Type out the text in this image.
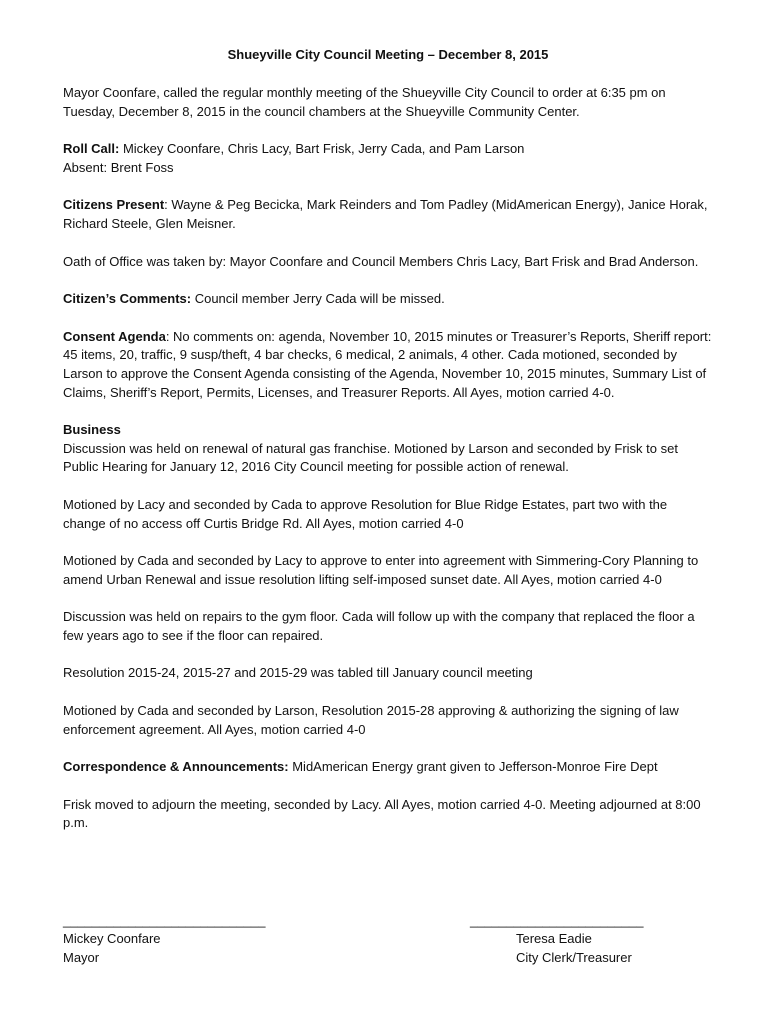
Shueyville City Council Meeting – December 8, 2015

Mayor Coonfare, called the regular monthly meeting of the Shueyville City Council to order at 6:35 pm on Tuesday, December 8, 2015 in the council chambers at the Shueyville Community Center.

Roll Call: Mickey Coonfare, Chris Lacy, Bart Frisk, Jerry Cada, and Pam Larson
Absent: Brent Foss

Citizens Present: Wayne & Peg Becicka, Mark Reinders and Tom Padley (MidAmerican Energy), Janice Horak, Richard Steele, Glen Meisner.

Oath of Office was taken by: Mayor Coonfare and Council Members Chris Lacy, Bart Frisk and Brad Anderson.

Citizen’s Comments: Council member Jerry Cada will be missed.

Consent Agenda: No comments on: agenda, November 10, 2015 minutes or Treasurer’s Reports, Sheriff report: 45 items, 20, traffic, 9 susp/theft, 4 bar checks, 6 medical, 2 animals, 4 other. Cada motioned, seconded by Larson to approve the Consent Agenda consisting of the Agenda, November 10, 2015 minutes, Summary List of Claims, Sheriff’s Report, Permits, Licenses, and Treasurer Reports. All Ayes, motion carried 4-0.

Business
Discussion was held on renewal of natural gas franchise. Motioned by Larson and seconded by Frisk to set Public Hearing for January 12, 2016 City Council meeting for possible action of renewal.

Motioned by Lacy and seconded by Cada to approve Resolution for Blue Ridge Estates, part two with the change of no access off Curtis Bridge Rd. All Ayes, motion carried 4-0

Motioned by Cada and seconded by Lacy to approve to enter into agreement with Simmering-Cory Planning to amend Urban Renewal and issue resolution lifting self-imposed sunset date. All Ayes, motion carried 4-0

Discussion was held on repairs to the gym floor. Cada will follow up with the company that replaced the floor a few years ago to see if the floor can repaired.

Resolution 2015-24, 2015-27 and 2015-29 was tabled till January council meeting

Motioned by Cada and seconded by Larson, Resolution 2015-28 approving & authorizing the signing of law enforcement agreement. All Ayes, motion carried 4-0

Correspondence & Announcements: MidAmerican Energy grant given to Jefferson-Monroe Fire Dept

Frisk moved to adjourn the meeting, seconded by Lacy. All Ayes, motion carried 4-0. Meeting adjourned at 8:00 p.m.

____________________________
Mickey Coonfare
Mayor
________________________
Teresa Eadie
City Clerk/Treasurer
